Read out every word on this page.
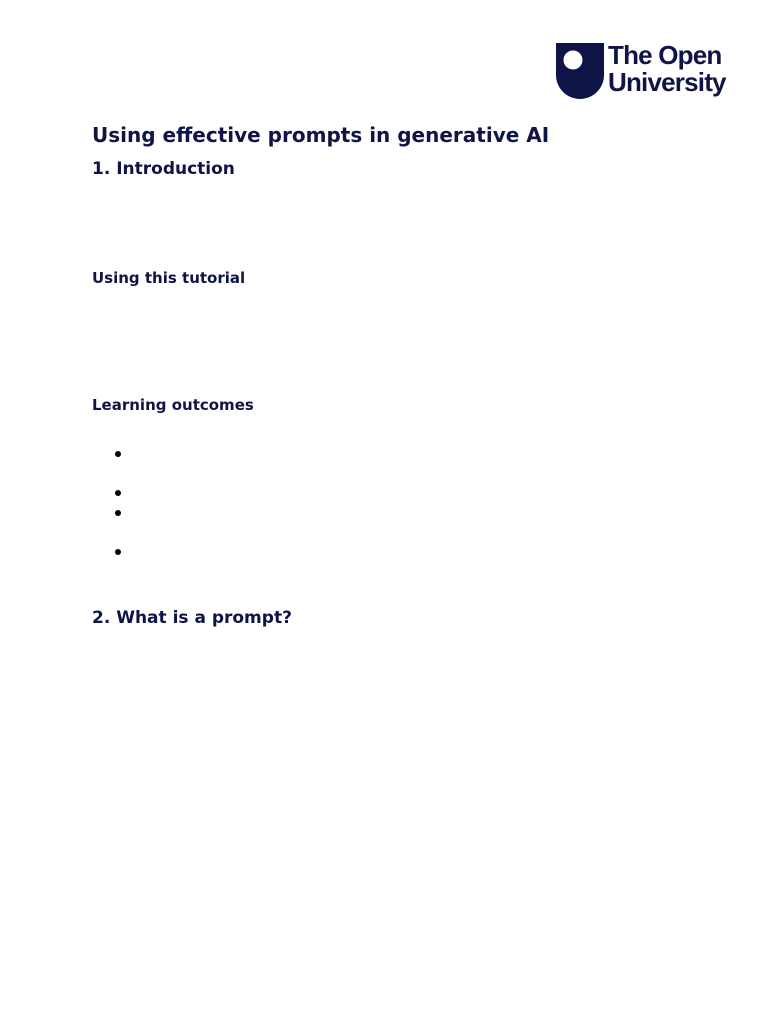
The Open
University
Using effective prompts in generative AI
1. Introduction
Using this tutorial
Learning outcomes
2. What is a prompt?
